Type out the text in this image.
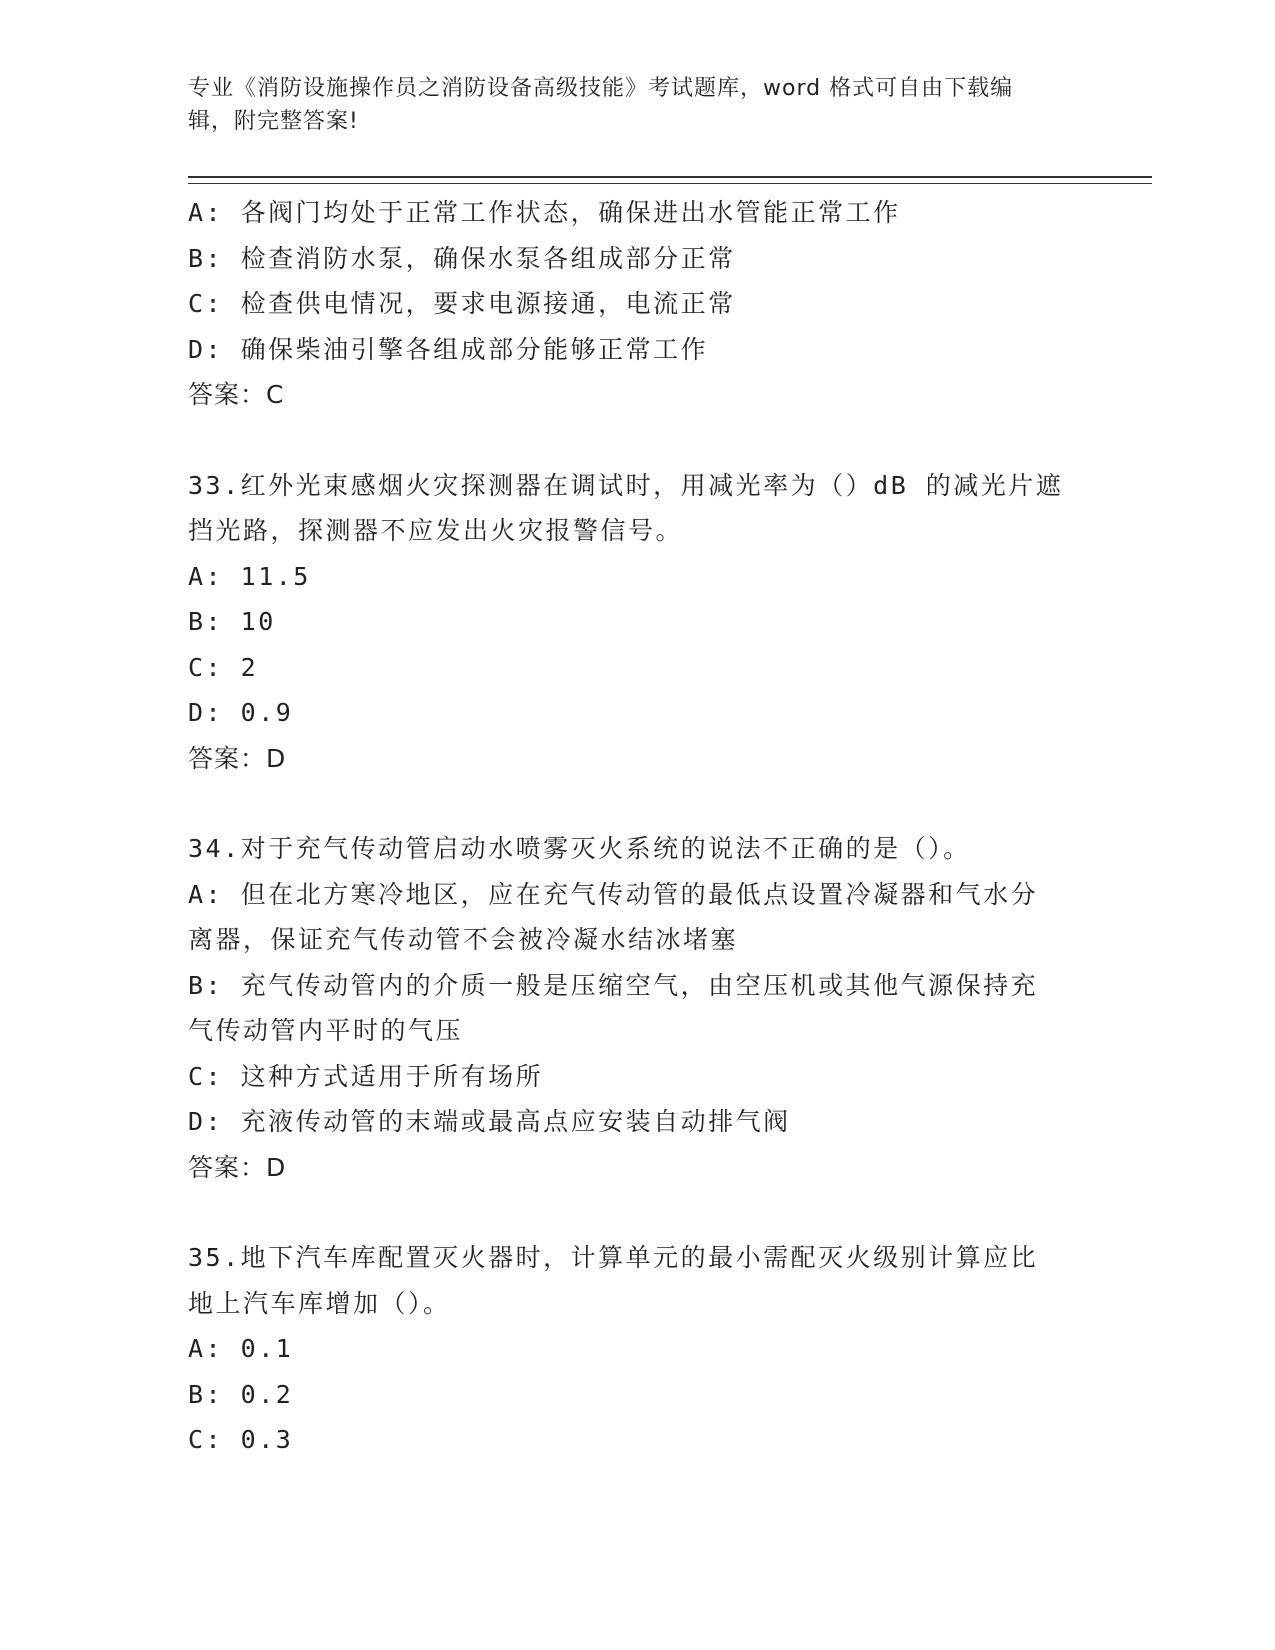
专业《消防设施操作员之消防设备高级技能》考试题库，word 格式可自由下载编
辑，附完整答案!
A: 各阀门均处于正常工作状态，确保进出水管能正常工作
B: 检查消防水泵，确保水泵各组成部分正常
C: 检查供电情况，要求电源接通，电流正常
D: 确保柴油引擎各组成部分能够正常工作
答案：C
33.红外光束感烟火灾探测器在调试时，用减光率为（）dB 的减光片遮
挡光路，探测器不应发出火灾报警信号。
A: 11.5
B: 10
C: 2
D: 0.9
答案：D
34.对于充气传动管启动水喷雾灭火系统的说法不正确的是（）。
A: 但在北方寒冷地区，应在充气传动管的最低点设置冷凝器和气水分
离器，保证充气传动管不会被冷凝水结冰堵塞
B: 充气传动管内的介质一般是压缩空气，由空压机或其他气源保持充
气传动管内平时的气压
C: 这种方式适用于所有场所
D: 充液传动管的末端或最高点应安装自动排气阀
答案：D
35.地下汽车库配置灭火器时，计算单元的最小需配灭火级别计算应比
地上汽车库增加（）。
A: 0.1
B: 0.2
C: 0.3
